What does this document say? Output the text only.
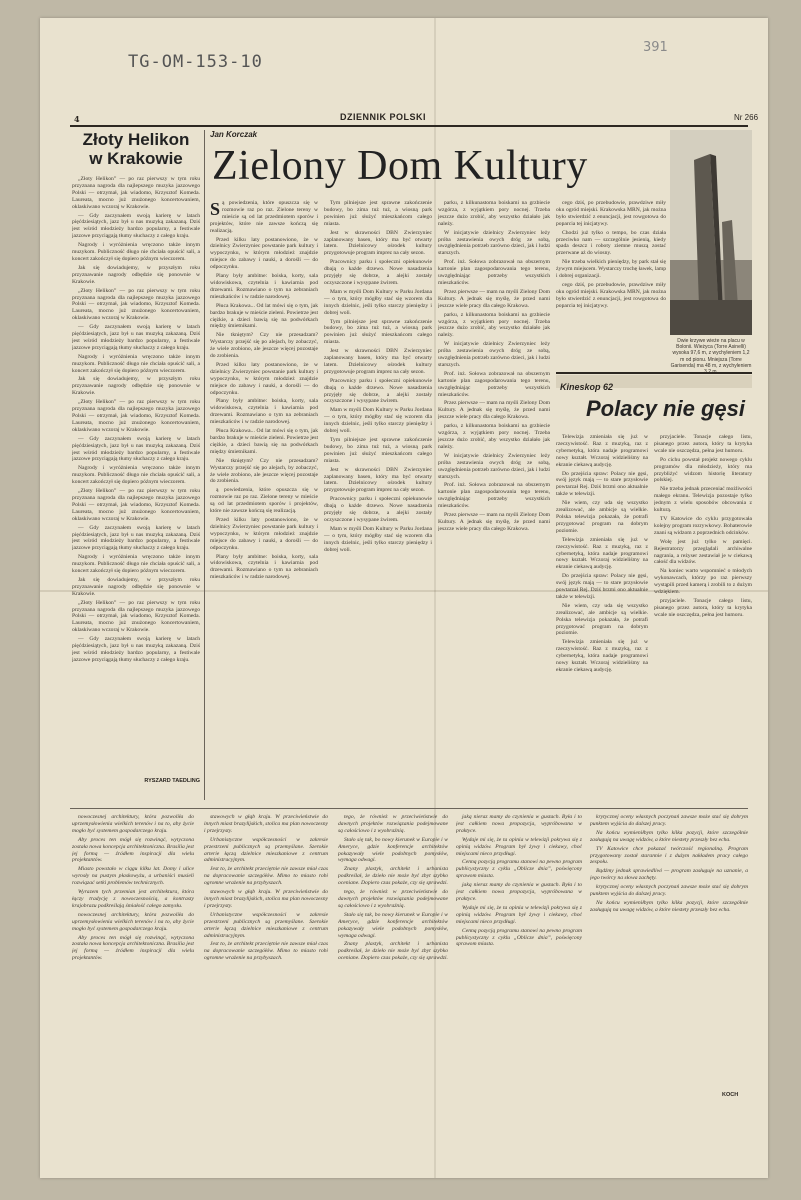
TG-OM-153-10
391
4	DZIENNIK POLSKI	Nr 266
Złoty Helikon
w Krakowie

„Złoty Helikon” — po raz pierwszy w tym roku przyznana nagroda dla najlepszego muzyka jazzowego Polski — otrzymał, jak wiadomo, Krzysztof Komeda. Laureata, mocno już znużonego koncertowaniem, oklaskiwano wczoraj w Krakowie.

— Gdy zaczynałem swoją karierę w latach pięćdziesiątych, jazz był u nas muzyką zakazaną. Dziś jest wśród młodzieży bardzo popularny, a festiwale jazzowe przyciągają tłumy słuchaczy z całego kraju.

Nagrody i wyróżnienia wręczono także innym muzykom. Publiczność długo nie chciała opuścić sali, a koncert zakończył się dopiero późnym wieczorem.

Jak się dowiadujemy, w przyszłym roku przyznawanie nagrody odbędzie się ponownie w Krakowie.

„Złoty Helikon” — po raz pierwszy w tym roku przyznana nagroda dla najlepszego muzyka jazzowego Polski — otrzymał, jak wiadomo, Krzysztof Komeda. Laureata, mocno już znużonego koncertowaniem, oklaskiwano wczoraj w Krakowie.

— Gdy zaczynałem swoją karierę w latach pięćdziesiątych, jazz był u nas muzyką zakazaną. Dziś jest wśród młodzieży bardzo popularny, a festiwale jazzowe przyciągają tłumy słuchaczy z całego kraju.

Nagrody i wyróżnienia wręczono także innym muzykom. Publiczność długo nie chciała opuścić sali, a koncert zakończył się dopiero późnym wieczorem.

Jak się dowiadujemy, w przyszłym roku przyznawanie nagrody odbędzie się ponownie w Krakowie.

„Złoty Helikon” — po raz pierwszy w tym roku przyznana nagroda dla najlepszego muzyka jazzowego Polski — otrzymał, jak wiadomo, Krzysztof Komeda. Laureata, mocno już znużonego koncertowaniem, oklaskiwano wczoraj w Krakowie.

— Gdy zaczynałem swoją karierę w latach pięćdziesiątych, jazz był u nas muzyką zakazaną. Dziś jest wśród młodzieży bardzo popularny, a festiwale jazzowe przyciągają tłumy słuchaczy z całego kraju.

Nagrody i wyróżnienia wręczono także innym muzykom. Publiczność długo nie chciała opuścić sali, a koncert zakończył się dopiero późnym wieczorem.

„Złoty Helikon” — po raz pierwszy w tym roku przyznana nagroda dla najlepszego muzyka jazzowego Polski — otrzymał, jak wiadomo, Krzysztof Komeda. Laureata, mocno już znużonego koncertowaniem, oklaskiwano wczoraj w Krakowie.

— Gdy zaczynałem swoją karierę w latach pięćdziesiątych, jazz był u nas muzyką zakazaną. Dziś jest wśród młodzieży bardzo popularny, a festiwale jazzowe przyciągają tłumy słuchaczy z całego kraju.

Nagrody i wyróżnienia wręczono także innym muzykom. Publiczność długo nie chciała opuścić sali, a koncert zakończył się dopiero późnym wieczorem.

Jak się dowiadujemy, w przyszłym roku przyznawanie nagrody odbędzie się ponownie w Krakowie.

„Złoty Helikon” — po raz pierwszy w tym roku przyznana nagroda dla najlepszego muzyka jazzowego Polski — otrzymał, jak wiadomo, Krzysztof Komeda. Laureata, mocno już znużonego koncertowaniem, oklaskiwano wczoraj w Krakowie.

— Gdy zaczynałem swoją karierę w latach pięćdziesiątych, jazz był u nas muzyką zakazaną. Dziś jest wśród młodzieży bardzo popularny, a festiwale jazzowe przyciągają tłumy słuchaczy z całego kraju.

RYSZARD TAEDLING
Jan Korczak
Zielony Dom Kultury
S ą powiedzenia, które opuszcza się w rozmowie raz po raz. Zielone tereny w mieście są od lat przedmiotem sporów i projektów, które nie zawsze kończą się realizacją.

Przed kilku laty postanowiono, że w dzielnicy Zwierzyniec powstanie park kultury i wypoczynku, w którym młodzież znajdzie miejsce do zabawy i nauki, a dorośli — do odpoczynku.

Plany były ambitne: boiska, korty, sala widowiskowa, czytelnia i kawiarnia pod drzewami. Rozmawiano o tym na zebraniach mieszkańców i w radzie narodowej.

Płuca Krakowa... Od lat mówi się o tym, jak bardzo brakuje w mieście zieleni. Powietrze jest ciężkie, a dzieci bawią się na podwórkach między śmietnikami.

Nie tkniętym? Czy nie przesadzam? Wystarczy przejść się po alejach, by zobaczyć, że wiele zrobiono, ale jeszcze więcej pozostaje do zrobienia.

Przed kilku laty postanowiono, że w dzielnicy Zwierzyniec powstanie park kultury i wypoczynku, w którym młodzież znajdzie miejsce do zabawy i nauki, a dorośli — do odpoczynku.

Plany były ambitne: boiska, korty, sala widowiskowa, czytelnia i kawiarnia pod drzewami. Rozmawiano o tym na zebraniach mieszkańców i w radzie narodowej.

Płuca Krakowa... Od lat mówi się o tym, jak bardzo brakuje w mieście zieleni. Powietrze jest ciężkie, a dzieci bawią się na podwórkach między śmietnikami.

Nie tkniętym? Czy nie przesadzam? Wystarczy przejść się po alejach, by zobaczyć, że wiele zrobiono, ale jeszcze więcej pozostaje do zrobienia.

ą powiedzenia, które opuszcza się w rozmowie raz po raz. Zielone tereny w mieście są od lat przedmiotem sporów i projektów, które nie zawsze kończą się realizacją.

Przed kilku laty postanowiono, że w dzielnicy Zwierzyniec powstanie park kultury i wypoczynku, w którym młodzież znajdzie miejsce do zabawy i nauki, a dorośli — do odpoczynku.

Plany były ambitne: boiska, korty, sala widowiskowa, czytelnia i kawiarnia pod drzewami. Rozmawiano o tym na zebraniach mieszkańców i w radzie narodowej.

Tym pilniejsze jest sprawne zakończenie budowy, bo zima tuż tuż, a wiosną park powinien już służyć mieszkańcom całego miasta.

Jest w skrawności DBN Zwierzyniec zaplanowany basen, który ma być otwarty latem. Dzielnicowy ośrodek kultury przygotowuje program imprez na cały sezon.

Pracownicy parku i społeczni opiekunowie dbają o każde drzewo. Nowe nasadzenia przyjęły się dobrze, a alejki zostały oczyszczone i wysypane żwirem.

Mam w myśli Dom Kultury w Parku Jordana — o tym, który mógłby stać się wzorem dla innych dzielnic, jeśli tylko starczy pieniędzy i dobrej woli.

Tym pilniejsze jest sprawne zakończenie budowy, bo zima tuż tuż, a wiosną park powinien już służyć mieszkańcom całego miasta.

Jest w skrawności DBN Zwierzyniec zaplanowany basen, który ma być otwarty latem. Dzielnicowy ośrodek kultury przygotowuje program imprez na cały sezon.

Pracownicy parku i społeczni opiekunowie dbają o każde drzewo. Nowe nasadzenia przyjęły się dobrze, a alejki zostały oczyszczone i wysypane żwirem.

Mam w myśli Dom Kultury w Parku Jordana — o tym, który mógłby stać się wzorem dla innych dzielnic, jeśli tylko starczy pieniędzy i dobrej woli.

Tym pilniejsze jest sprawne zakończenie budowy, bo zima tuż tuż, a wiosną park powinien już służyć mieszkańcom całego miasta.

Jest w skrawności DBN Zwierzyniec zaplanowany basen, który ma być otwarty latem. Dzielnicowy ośrodek kultury przygotowuje program imprez na cały sezon.

Pracownicy parku i społeczni opiekunowie dbają o każde drzewo. Nowe nasadzenia przyjęły się dobrze, a alejki zostały oczyszczone i wysypane żwirem.

Mam w myśli Dom Kultury w Parku Jordana — o tym, który mógłby stać się wzorem dla innych dzielnic, jeśli tylko starczy pieniędzy i dobrej woli.

parku, z kilkunastoma boiskami na grzbiecie wzgórza, z wyjątkiem pory nocnej. Trzeba jeszcze dużo zrobić, aby wszystko działało jak należy.

W inicjatywie dzielnicy Zwierzyniec leży próba zestawienia owych dróg ze sobą, uwzględnienia potrzeb zarówno dzieci, jak i ludzi starszych.

Prof. inż. Sołowa zobrazował na obszernym kartonie plan zagospodarowania tego terenu, uwzględniając potrzeby wszystkich mieszkańców.

Przez pierwsze — mam na myśli Zielony Dom Kultury. A jednak się myślę, że przed nami jeszcze wiele pracy dla całego Krakowa.

parku, z kilkunastoma boiskami na grzbiecie wzgórza, z wyjątkiem pory nocnej. Trzeba jeszcze dużo zrobić, aby wszystko działało jak należy.

W inicjatywie dzielnicy Zwierzyniec leży próba zestawienia owych dróg ze sobą, uwzględnienia potrzeb zarówno dzieci, jak i ludzi starszych.

Prof. inż. Sołowa zobrazował na obszernym kartonie plan zagospodarowania tego terenu, uwzględniając potrzeby wszystkich mieszkańców.

Przez pierwsze — mam na myśli Zielony Dom Kultury. A jednak się myślę, że przed nami jeszcze wiele pracy dla całego Krakowa.

parku, z kilkunastoma boiskami na grzbiecie wzgórza, z wyjątkiem pory nocnej. Trzeba jeszcze dużo zrobić, aby wszystko działało jak należy.

W inicjatywie dzielnicy Zwierzyniec leży próba zestawienia owych dróg ze sobą, uwzględnienia potrzeb zarówno dzieci, jak i ludzi starszych.

Prof. inż. Sołowa zobrazował na obszernym kartonie plan zagospodarowania tego terenu, uwzględniając potrzeby wszystkich mieszkańców.

Przez pierwsze — mam na myśli Zielony Dom Kultury. A jednak się myślę, że przed nami jeszcze wiele pracy dla całego Krakowa.

cego dziś, po przebudowie, prawdziwe miły oku ogród miejski. Krakowska MRN, jak można było stwierdzić z enuncjacji, jest rowgotowa do poparcia tej inicjatywy.

Chodzi już tylko o tempo, bo czas działa przeciwko nam — szczególnie jesienią, kiedy spada deszcz i roboty ziemne muszą zostać przerwane aż do wiosny.

Nie trzeba wielkich pieniędzy, by park stał się żywym miejscem. Wystarczy trochę ławek, lamp i dobrej organizacji.

cego dziś, po przebudowie, prawdziwe miły oku ogród miejski. Krakowska MRN, jak można było stwierdzić z enuncjacji, jest rowgotowa do poparcia tej inicjatywy.

Dwie krzywe wieże na placu w Bolonii. Wieżyca (Torre Asinelli) wysoka 97,6 m, z wychyleniem 1,2 m od pionu. Mniejsza (Torre Garisenda) ma 48 m, z wychyleniem
Kineskop 62
Polacy nie gęsi

Telewizja zmieniała się już w rzeczywistość. Raz z muzyką, raz z cybernetyką, która nadaje programowi nowy kształt. Wczoraj widzieliśmy na ekranie ciekawą audycję.

Do przejścia spraw: Polacy nie gęsi, swój język mają — to stare przysłowie powtarzał Rej. Dziś brzmi ono aktualnie także w telewizji.

Nie wiem, czy uda się wszystko zrealizować, ale ambicje są wielkie. Polska telewizja pokazała, że potrafi przygotować program na dobrym poziomie.

Telewizja zmieniała się już w rzeczywistość. Raz z muzyką, raz z cybernetyką, która nadaje programowi nowy kształt. Wczoraj widzieliśmy na ekranie ciekawą audycję.

Do przejścia spraw: Polacy nie gęsi, swój język mają — to stare przysłowie powtarzał Rej. Dziś brzmi ono aktualnie także w telewizji.

Nie wiem, czy uda się wszystko zrealizować, ale ambicje są wielkie. Polska telewizja pokazała, że potrafi przygotować program na dobrym poziomie.

Telewizja zmieniała się już w rzeczywistość. Raz z muzyką, raz z cybernetyką, która nadaje programowi nowy kształt. Wczoraj widzieliśmy na ekranie ciekawą audycję.

przyjaciele. Tonacje całego listu, pisanego przez autora, który ta krytyka wcale nie oszczędza, pełna jest humoru.

Po cichu powstał projekt nowego cyklu programów dla młodzieży, który ma przybliżyć widzom historię literatury polskiej.

Nie trzeba jednak przeceniać możliwości małego ekranu. Telewizja pozostaje tylko jednym z wielu sposobów obcowania z kulturą.

TV Katowice do cyklu przygotowała kolejny program rozrywkowy. Bohaterowie znani są widzom z poprzednich odcinków.

Wolę jest już tylko w pamięci. Rejestratorzy przeglądali archiwalne nagrania, a reżyser zestawiał je w ciekawą całość dla widzów.

Na koniec warto wspomnieć o młodych wykonawcach, którzy po raz pierwszy wystąpili przed kamerą i zrobili to z dużym wdziękiem.

przyjaciele. Tonacje całego listu, pisanego przez autora, który ta krytyka wcale nie oszczędza, pełna jest humoru.

nowoczesnej architektury, która pozwoliła do uprzemysłowienia wielkich terenów i na to, aby życie mogło być systemem gospodarczego kraju.

Aby proces ten mógł się rozwinąć, wytyczona została nowa koncepcja architektoniczna. Brasilia jest jej formą — źródłem inspiracji dla wielu projektantów.

Miasto powstało w ciągu kilku lat. Domy i ulice wyrosły na pustym płaskowyżu, a urbaniści musieli rozwiązać setki problemów technicznych.

Wyrazem tych przemian jest architektura, która łączy tradycję z nowoczesnością, a kontrasty krajobrazu podkreślają śmiałość całego zamysłu.

nowoczesnej architektury, która pozwoliła do uprzemysłowienia wielkich terenów i na to, aby życie mogło być systemem gospodarczego kraju.

Aby proces ten mógł się rozwinąć, wytyczona została nowa koncepcja architektoniczna. Brasilia jest jej formą — źródłem inspiracji dla wielu projektantów.

stawowych w głąb kraju. W przeciwieństwie do innych miast brazylijskich, stolica ma plan nowoczesny i przejrzysty.

Urbanistyczne współczesności w zakresie przestrzeni publicznych są przemyślane. Szerokie arterie łączą dzielnice mieszkaniowe z centrum administracyjnym.

Jest to, że architekt przeciętnie nie zawsze miał czas na dopracowanie szczegółów. Mimo to miasto robi ogromne wrażenie na przybyszach.

stawowych w głąb kraju. W przeciwieństwie do innych miast brazylijskich, stolica ma plan nowoczesny i przejrzysty.

Urbanistyczne współczesności w zakresie przestrzeni publicznych są przemyślane. Szerokie arterie łączą dzielnice mieszkaniowe z centrum administracyjnym.

Jest to, że architekt przeciętnie nie zawsze miał czas na dopracowanie szczegółów. Mimo to miasto robi ogromne wrażenie na przybyszach.

tego, że również w przeciwieństwie do dawnych projektów rozwiązania podejmowane są całościowo i z wyobraźnią.

Stało się tak, bo nowy kierunek w Europie i w Ameryce, gdzie konferencje architektów pokazywały wiele podobnych pomysłów, wymaga odwagi.

Znany plastyk, architekt i urbanista podkreślał, że dzieło nie może być zbyt szybko oceniane. Dopiero czas pokaże, czy się sprawdzi.

tego, że również w przeciwieństwie do dawnych projektów rozwiązania podejmowane są całościowo i z wyobraźnią.

Stało się tak, bo nowy kierunek w Europie i w Ameryce, gdzie konferencje architektów pokazywały wiele podobnych pomysłów, wymaga odwagi.

Znany plastyk, architekt i urbanista podkreślał, że dzieło nie może być zbyt szybko oceniane. Dopiero czas pokaże, czy się sprawdzi.

jaką nieraz mamy do czynienia w gustach. Była i to jest całkiem nowa propozycja, wypróbowana w praktyce.

Wydaje mi się, że ta opinia w telewizji pokrywa się z opinią widzów. Program był żywy i ciekawy, choć miejscami nieco przydługi.

Cenną pozycją programu stanowi na pewno program publicystyczny z cyklu „Oblicze dnia”, poświęcony sprawom miasta.

jaką nieraz mamy do czynienia w gustach. Była i to jest całkiem nowa propozycja, wypróbowana w praktyce.

Wydaje mi się, że ta opinia w telewizji pokrywa się z opinią widzów. Program był żywy i ciekawy, choć miejscami nieco przydługi.

Cenną pozycją programu stanowi na pewno program publicystyczny z cyklu „Oblicze dnia”, poświęcony sprawom miasta.

krytycznej oceny własnych poczynań zawsze może stać się dobrym punktem wyjścia do dalszej pracy.

Na końcu wymieniłbym tylko kilka pozycji, które szczególnie zasługują na uwagę widzów, a które niestety przeszły bez echa.

TV Katowice chce pokazać twórczość regionalną. Program przygotowany został starannie i z dużym nakładem pracy całego zespołu.

Bądźmy jednak sprawiedliwi — program zasługuje na uznanie, a jego twórcy na słowa zachęty.

krytycznej oceny własnych poczynań zawsze może stać się dobrym punktem wyjścia do dalszej pracy.

Na końcu wymieniłbym tylko kilka pozycji, które szczególnie zasługują na uwagę widzów, a które niestety przeszły bez echa.

KOCH
